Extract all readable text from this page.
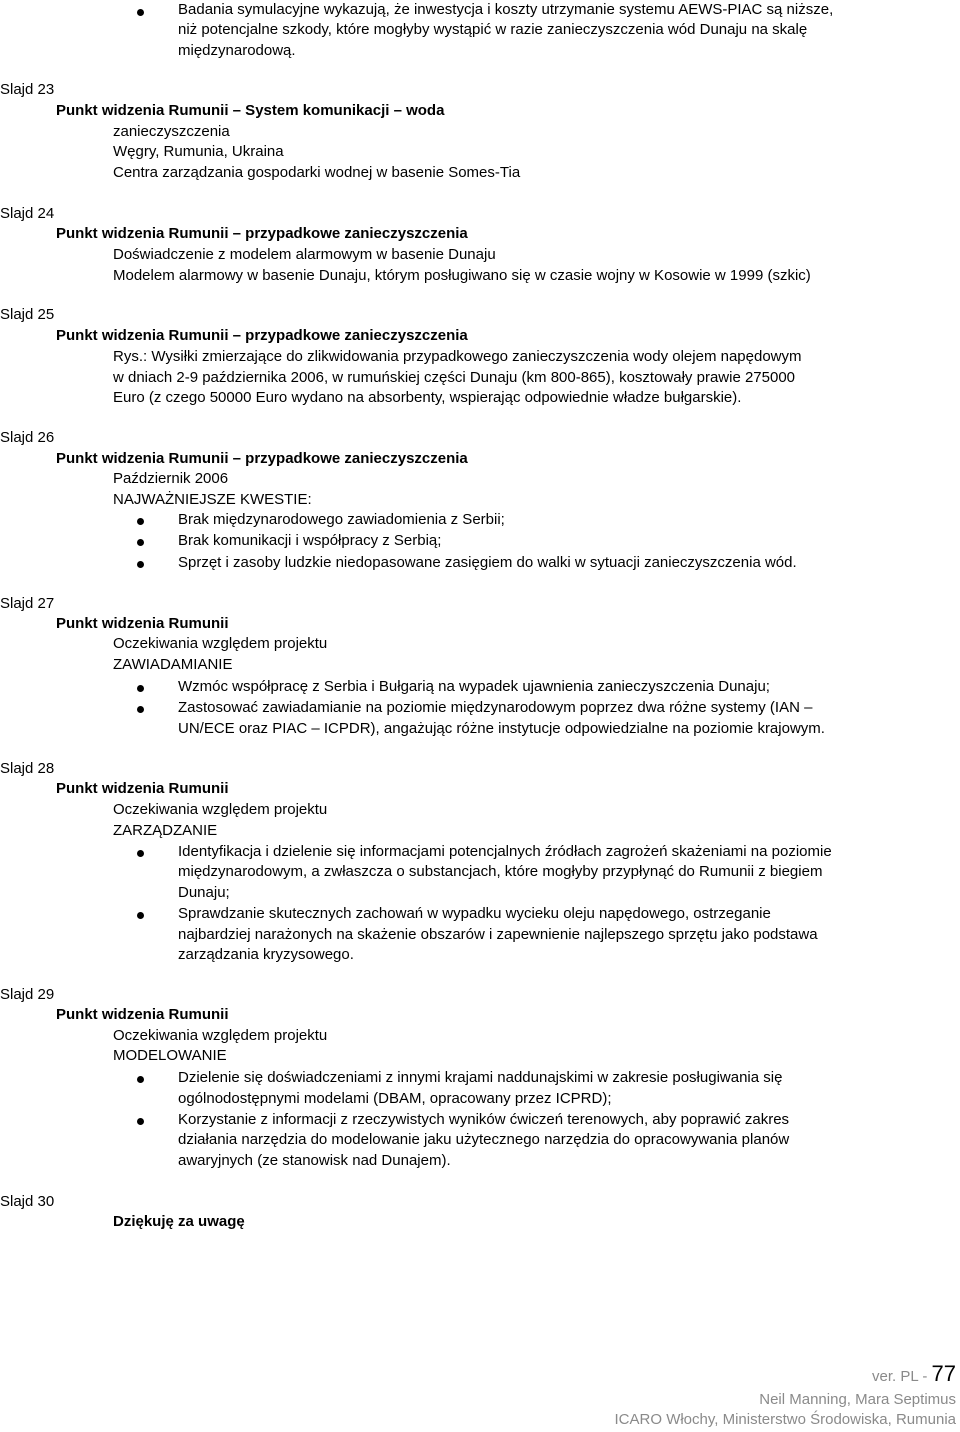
Badania symulacyjne wykazują, że inwestycja i koszty utrzymanie systemu AEWS-PIAC są niższe,
niż potencjalne szkody, które mogłyby wystąpić w razie zanieczyszczenia wód Dunaju na skalę
międzynarodową.
Slajd 23
Punkt widzenia Rumunii – System komunikacji – woda
zanieczyszczenia
Węgry, Rumunia, Ukraina
Centra zarządzania gospodarki wodnej w basenie Somes-Tia
Slajd 24
Punkt widzenia Rumunii – przypadkowe zanieczyszczenia
Doświadczenie z modelem alarmowym w basenie Dunaju
Modelem alarmowy w basenie Dunaju, którym posługiwano się w czasie wojny w Kosowie w 1999 (szkic)
Slajd 25
Punkt widzenia Rumunii – przypadkowe zanieczyszczenia
Rys.: Wysiłki zmierzające do zlikwidowania przypadkowego zanieczyszczenia wody olejem napędowym
w dniach 2-9 października 2006, w rumuńskiej części Dunaju (km 800-865), kosztowały prawie 275000
Euro (z czego 50000 Euro wydano na absorbenty, wspierając odpowiednie władze bułgarskie).
Slajd 26
Punkt widzenia Rumunii – przypadkowe zanieczyszczenia
Październik 2006
NAJWAŻNIEJSZE KWESTIE:
Brak międzynarodowego zawiadomienia z Serbii;
Brak komunikacji i współpracy z Serbią;
Sprzęt i zasoby ludzkie niedopasowane zasięgiem do walki w sytuacji zanieczyszczenia wód.
Slajd 27
Punkt widzenia Rumunii
Oczekiwania względem projektu
ZAWIADAMIANIE
Wzmóc współpracę z Serbia i Bułgarią na wypadek ujawnienia zanieczyszczenia Dunaju;
Zastosować zawiadamianie na poziomie międzynarodowym poprzez dwa różne systemy (IAN –
UN/ECE oraz PIAC – ICPDR), angażując różne instytucje odpowiedzialne na poziomie krajowym.
Slajd 28
Punkt widzenia Rumunii
Oczekiwania względem projektu
ZARZĄDZANIE
Identyfikacja i dzielenie się informacjami potencjalnych źródłach zagrożeń skażeniami na poziomie
międzynarodowym, a zwłaszcza o substancjach, które mogłyby przypłynąć do Rumunii z biegiem
Dunaju;
Sprawdzanie skutecznych zachowań w wypadku wycieku oleju napędowego, ostrzeganie
najbardziej narażonych na skażenie obszarów i zapewnienie najlepszego sprzętu jako podstawa
zarządzania kryzysowego.
Slajd 29
Punkt widzenia Rumunii
Oczekiwania względem projektu
MODELOWANIE
Dzielenie się doświadczeniami z innymi krajami naddunajskimi w zakresie posługiwania się
ogólnodostępnymi modelami (DBAM, opracowany przez ICPRD);
Korzystanie z informacji z rzeczywistych wyników ćwiczeń terenowych, aby poprawić zakres
działania narzędzia do modelowanie jaku użytecznego narzędzia do opracowywania planów
awaryjnych (ze stanowisk nad Dunajem).
Slajd 30
Dziękuję za uwagę
ver. PL - 77
Neil Manning, Mara Septimus
ICARO Włochy, Ministerstwo Środowiska, Rumunia
